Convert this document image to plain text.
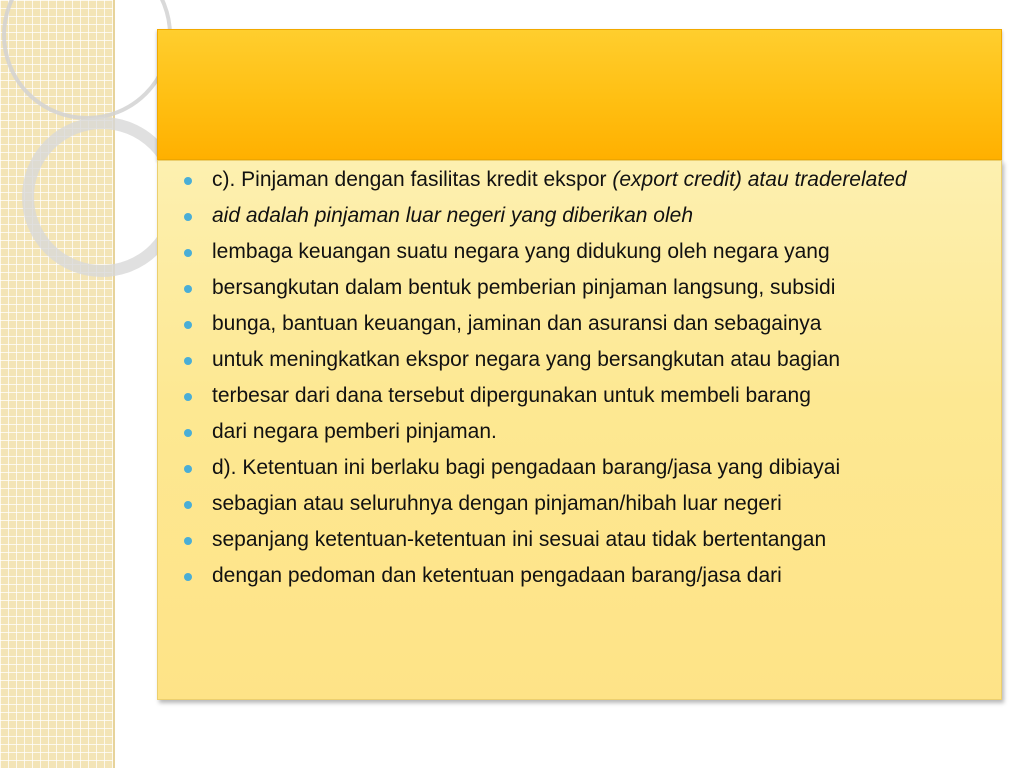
c). Pinjaman dengan fasilitas kredit ekspor (export credit) atau traderelated
aid adalah pinjaman luar negeri yang diberikan oleh
lembaga keuangan suatu negara yang didukung oleh negara yang
bersangkutan dalam bentuk pemberian pinjaman langsung, subsidi
bunga, bantuan keuangan, jaminan dan asuransi dan sebagainya
untuk meningkatkan ekspor negara yang bersangkutan atau bagian
terbesar dari dana tersebut dipergunakan untuk membeli barang
dari negara pemberi pinjaman.
d). Ketentuan ini berlaku bagi pengadaan barang/jasa yang dibiayai
sebagian atau seluruhnya dengan pinjaman/hibah luar negeri
sepanjang ketentuan-ketentuan ini sesuai atau tidak bertentangan
dengan pedoman dan ketentuan pengadaan barang/jasa dari
